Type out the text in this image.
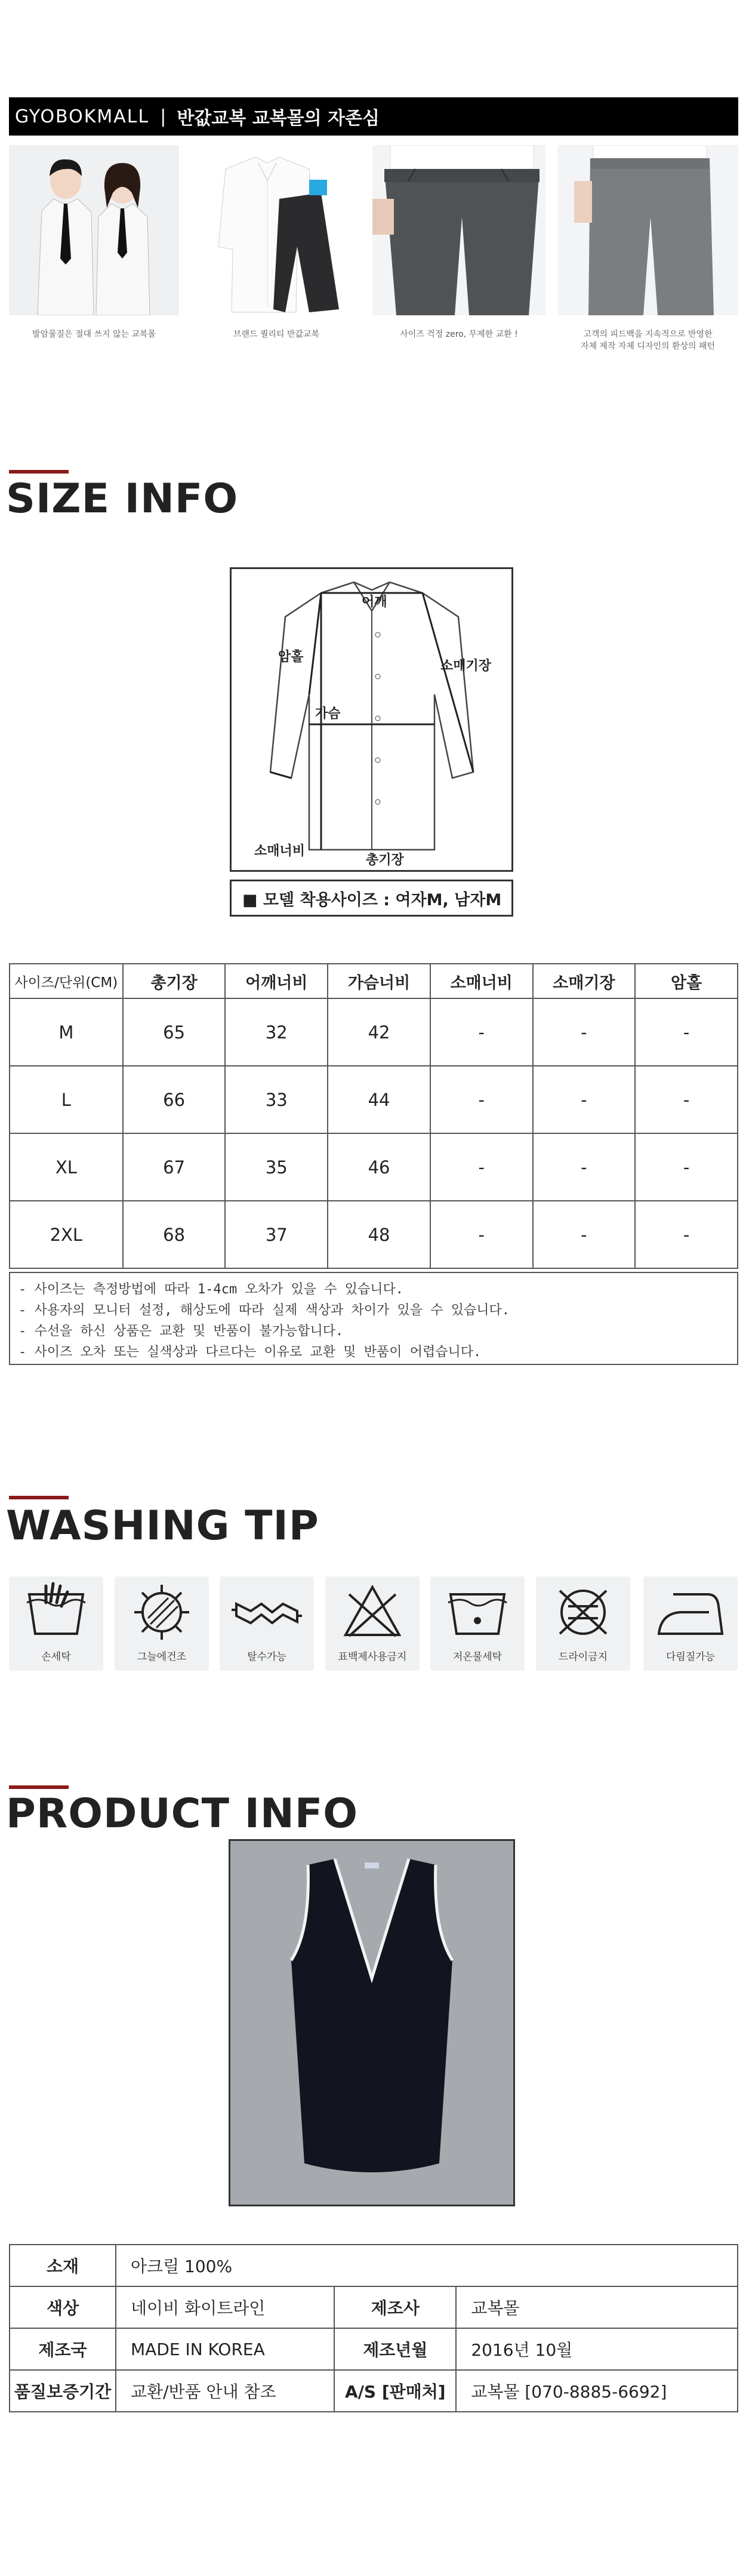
GYOBOKMALL | 반값교복 교복몰의 자존심
발암물질은 절대 쓰지 않는 교복몰	브랜드 퀄리티 반값교복	사이즈 걱정 zero, 무제한 교환 !	고객의 피드백을 지속적으로 반영한
자체 제작 자체 디자인의 환상의 패턴
SIZE INFO
어깨
암홀
가슴
소매기장
소매너비
총기장
■ 모델 착용사이즈 : 여자M, 남자M
사이즈/단위(CM)	총기장	어깨너비	가슴너비	소매너비	소매기장	암홀
M	65	32	42	-	-	-
L	66	33	44	-	-	-
XL	67	35	46	-	-	-
2XL	68	37	48	-	-	-
- 사이즈는 측정방법에 따라 1-4cm 오차가 있을 수 있습니다.
- 사용자의 모니터 설정, 해상도에 따라 실제 색상과 차이가 있을 수 있습니다.
- 수선을 하신 상품은 교환 및 반품이 불가능합니다.
- 사이즈 오차 또는 실색상과 다르다는 이유로 교환 및 반품이 어렵습니다.
WASHING TIP
손세탁	그늘에건조	탈수가능	표백제사용금지	저온물세탁	드라이금지	다림질가능
PRODUCT INFO
소재	아크릴 100%		
색상	네이비 화이트라인	제조사	교복몰
제조국	MADE IN KOREA	제조년월	2016년 10월
품질보증기간	교환/반품 안내 참조	A/S [판매처]	교복몰 [070-8885-6692]
